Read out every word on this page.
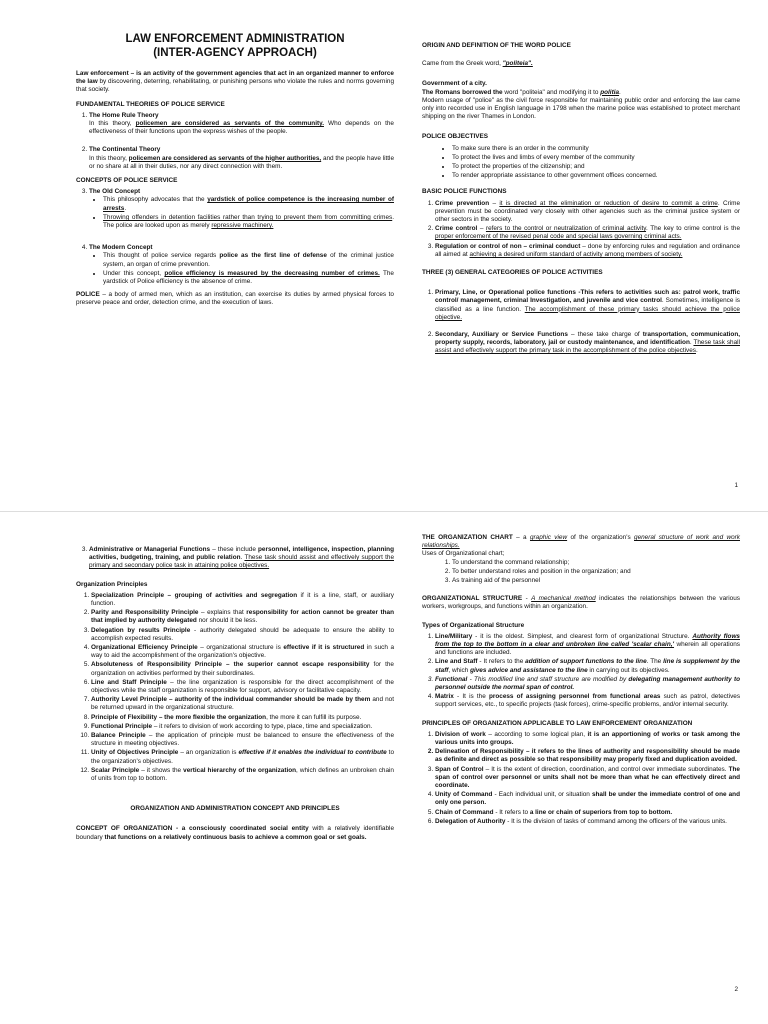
LAW ENFORCEMENT ADMINISTRATION
(INTER-AGENCY APPROACH)

Law enforcement – is an activity of the government agencies that act in an organized manner to enforce the law by discovering, deterring, rehabilitating, or punishing persons who violate the rules and norms governing that society.

FUNDAMENTAL THEORIES OF POLICE SERVICE
1. The Home Rule Theory
In this theory, policemen are considered as servants of the community. Who depends on the effectiveness of their functions upon the express wishes of the people.
2. The Continental Theory
In this theory, policemen are considered as servants of the higher authorities, and the people have little or no share at all in their duties, nor any direct connection with them.
CONCEPTS OF POLICE SERVICE
3. The Old Concept
• This philosophy advocates that the yardstick of police competence is the increasing number of arrests.
• Throwing offenders in detention facilities rather than trying to prevent them from committing crimes. The police are looked upon as merely repressive machinery.
4. The Modern Concept
• This thought of police service regards police as the first line of defense of the criminal justice system, an organ of crime prevention.
• Under this concept, police efficiency is measured by the decreasing number of crimes. The yardstick of Police efficiency is the absence of crime.

POLICE – a body of armed men, which as an institution, can exercise its duties by armed physical forces to preserve peace and order, detection crime, and the execution of laws.

ORIGIN AND DEFINITION OF THE WORD POLICE

Came from the Greek word, "politeia".

Government of a city.

The Romans borrowed the word "politeia" and modifying it to politia.

Modern usage of "police" as the civil force responsible for maintaining public order and enforcing the law came only into recorded use in English language in 1798 when the marine police was established to protect merchant shipping on the river Thames in London.

POLICE OBJECTIVES
• To make sure there is an order in the community
• To protect the lives and limbs of every member of the community
• To protect the properties of the citizenship; and
• To render appropriate assistance to other government offices concerned.
BASIC POLICE FUNCTIONS
1. Crime prevention – it is directed at the elimination or reduction of desire to commit a crime. Crime prevention must be coordinated very closely with other agencies such as the criminal justice system or other sectors in the society.
2. Crime control – refers to the control or neutralization of criminal activity. The key to crime control is the proper enforcement of the revised penal code and special laws governing criminal acts.
3. Regulation or control of non – criminal conduct – done by enforcing rules and regulation and ordinance all aimed at achieving a desired uniform standard of activity among members of society.
THREE (3) GENERAL CATEGORIES OF POLICE ACTIVITIES
1. Primary, Line, or Operational police functions -This refers to activities such as: patrol work, traffic control/ management, criminal Investigation, and juvenile and vice control. Sometimes, intelligence is classified as a line function. The accomplishment of these primary tasks should achieve the police objective.
2. Secondary, Auxiliary or Service Functions – these take charge of transportation, communication, property supply, records, laboratory, jail or custody maintenance, and identification. These task shall assist and effectively support the primary task in the accomplishment of the police objectives.
1
3. Administrative or Managerial Functions – these include personnel, intelligence, inspection, planning activities, budgeting, training, and public relation. These task should assist and effectively support the primary and secondary police task in attaining police objectives.
Organization Principles
1. Specialization Principle – grouping of activities and segregation if it is a line, staff, or auxiliary function.
2. Parity and Responsibility Principle – explains that responsibility for action cannot be greater than that implied by authority delegated nor should it be less.
3. Delegation by results Principle - authority delegated should be adequate to ensure the ability to accomplish expected results.
4. Organizational Efficiency Principle – organizational structure is effective if it is structured in such a way to aid the accomplishment of the organization's objective.
5. Absoluteness of Responsibility Principle – the superior cannot escape responsibility for the organization on activities performed by their subordinates.
6. Line and Staff Principle – the line organization is responsible for the direct accomplishment of the objectives while the staff organization is responsible for support, advisory or facilitative capacity.
7. Authority Level Principle – authority of the individual commander should be made by them and not be returned upward in the organizational structure.
8. Principle of Flexibility – the more flexible the organization, the more it can fulfill its purpose.
9. Functional Principle – it refers to division of work according to type, place, time and specialization.
10. Balance Principle – the application of principle must be balanced to ensure the effectiveness of the structure in meeting objectives.
11. Unity of Objectives Principle – an organization is effective if it enables the individual to contribute to the organization's objectives.
12. Scalar Principle – it shows the vertical hierarchy of the organization, which defines an unbroken chain of units from top to bottom.
ORGANIZATION AND ADMINISTRATION CONCEPT AND PRINCIPLES

CONCEPT OF ORGANIZATION - a consciously coordinated social entity with a relatively identifiable boundary that functions on a relatively continuous basis to achieve a common goal or set goals.

THE ORGANIZATION CHART – a graphic view of the organization's general structure of work and work relationships.

Uses of Organizational chart;
1. To understand the command relationship;
2. To better understand roles and position in the organization; and
3. As training aid of the personnel

ORGANIZATIONAL STRUCTURE - A mechanical method indicates the relationships between the various workers, workgroups, and functions within an organization.

Types of Organizational Structure
1. Line/Military - it is the oldest. Simplest, and clearest form of organizational Structure. Authority flows from the top to the bottom in a clear and unbroken line called 'scalar chain,' wherein all operations and functions are included.
2. Line and Staff - It refers to the addition of support functions to the line. The line is supplement by the staff, which gives advice and assistance to the line in carrying out its objectives.
3. Functional - This modified line and staff structure are modified by delegating management authority to personnel outside the normal span of control.
4. Matrix - It is the process of assigning personnel from functional areas such as patrol, detectives support services, etc., to specific projects (task forces), crime-specific problems, and/or internal security.
PRINCIPLES OF ORGANIZATION APPLICABLE TO LAW ENFORCEMENT ORGANIZATION
1. Division of work – according to some logical plan, it is an apportioning of works or task among the various units into groups.
2. Delineation of Responsibility – it refers to the lines of authority and responsibility should be made as definite and direct as possible so that responsibility may properly fixed and duplication avoided.
3. Span of Control – It is the extent of direction, coordination, and control over immediate subordinates. The span of control over personnel or units shall not be more than what he can effectively direct and coordinate.
4. Unity of Command - Each individual unit, or situation shall be under the immediate control of one and only one person.
5. Chain of Command - It refers to a line or chain of superiors from top to bottom.
6. Delegation of Authority - It is the division of tasks of command among the officers of the various units.
2
